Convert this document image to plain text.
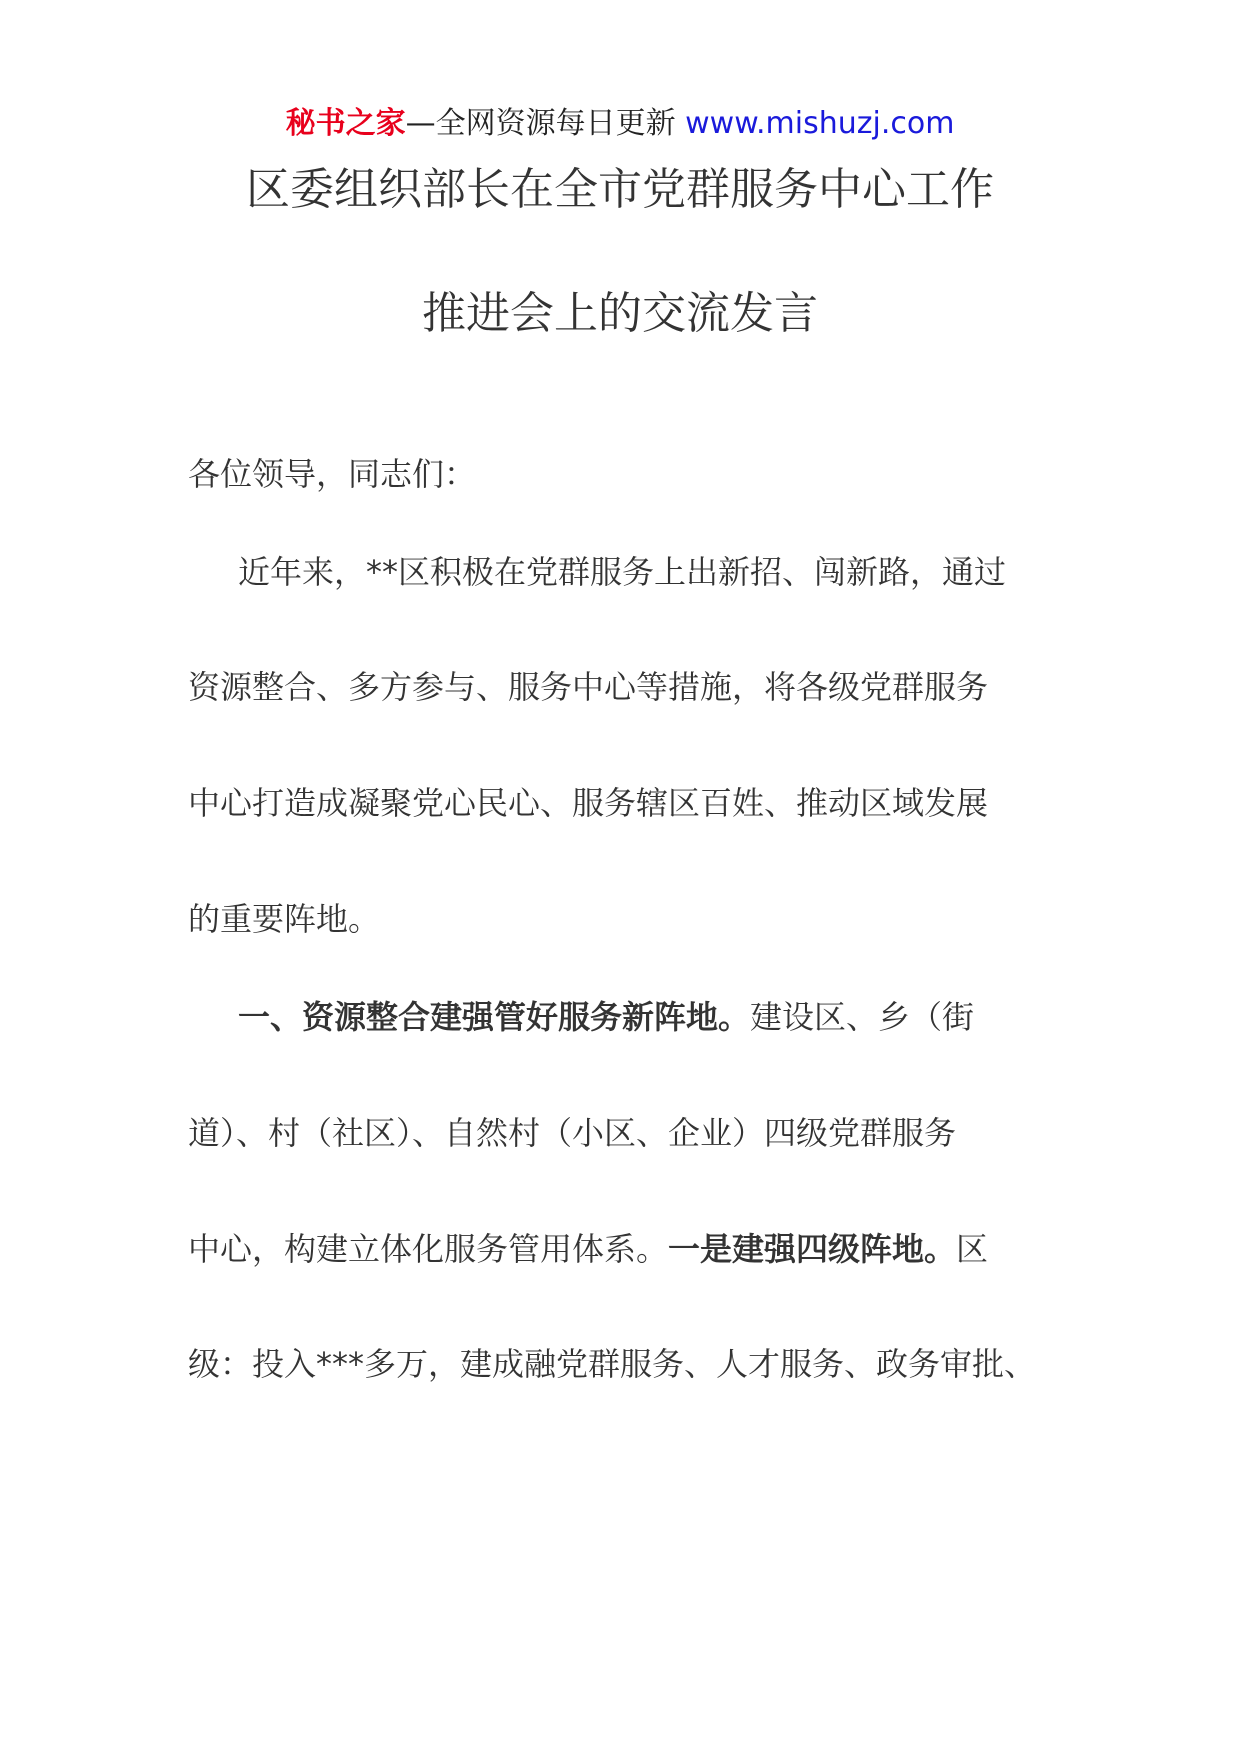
秘书之家—全网资源每日更新 www.mishuzj.com
区委组织部长在全市党群服务中心工作
推进会上的交流发言
各位领导，同志们：
近年来，**区积极在党群服务上出新招、闯新路，通过
资源整合、多方参与、服务中心等措施，将各级党群服务
中心打造成凝聚党心民心、服务辖区百姓、推动区域发展
的重要阵地。
一、资源整合建强管好服务新阵地。建设区、乡（街
道）、村（社区）、自然村（小区、企业）四级党群服务
中心，构建立体化服务管用体系。一是建强四级阵地。区
级：投入***多万，建成融党群服务、人才服务、政务审批、
